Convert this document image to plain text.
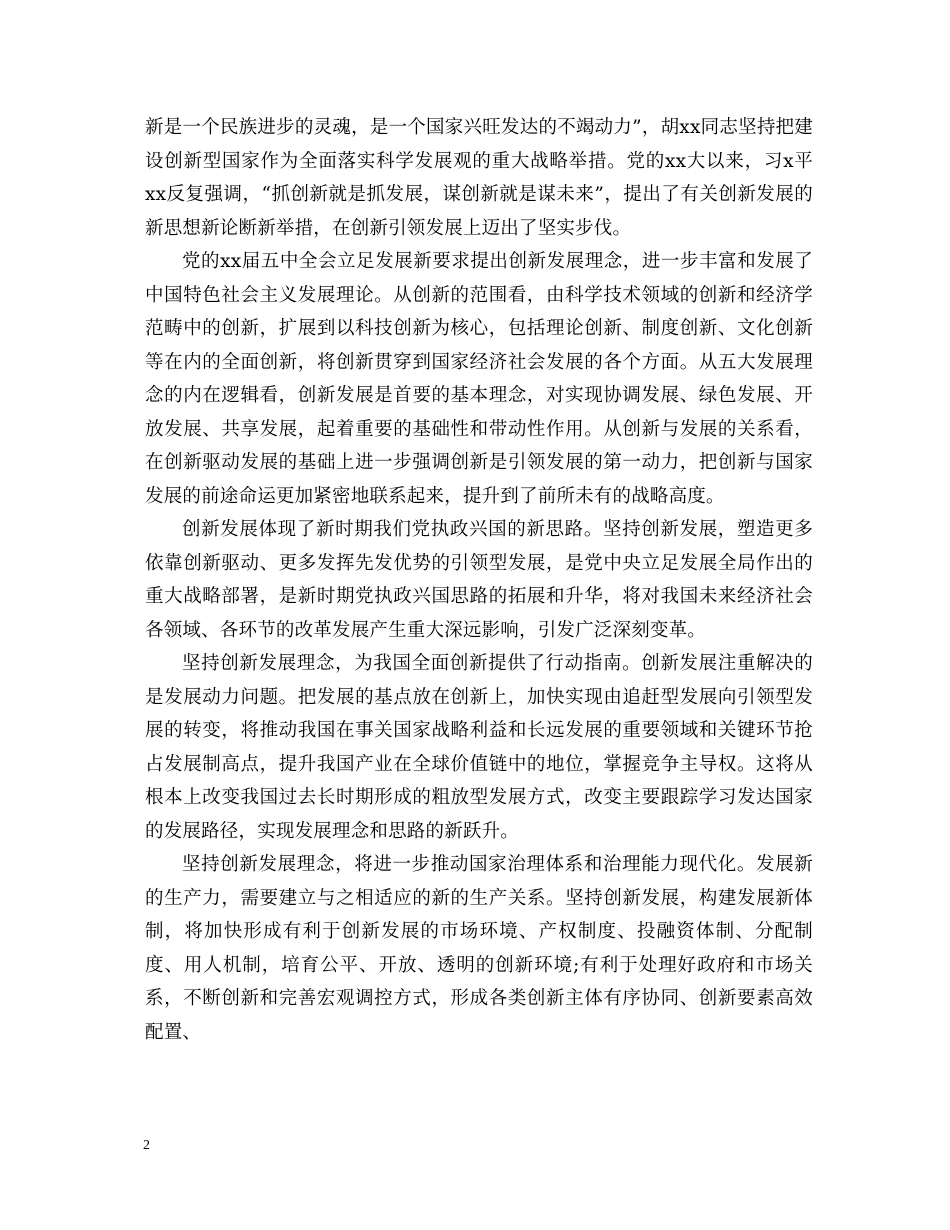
新是一个民族进步的灵魂，是一个国家兴旺发达的不竭动力”，胡xx同志坚持把建设创新型国家作为全面落实科学发展观的重大战略举措。党的xx大以来，习x平xx反复强调，“抓创新就是抓发展，谋创新就是谋未来”，提出了有关创新发展的新思想新论断新举措，在创新引领发展上迈出了坚实步伐。

党的xx届五中全会立足发展新要求提出创新发展理念，进一步丰富和发展了中国特色社会主义发展理论。从创新的范围看，由科学技术领域的创新和经济学范畴中的创新，扩展到以科技创新为核心，包括理论创新、制度创新、文化创新等在内的全面创新，将创新贯穿到国家经济社会发展的各个方面。从五大发展理念的内在逻辑看，创新发展是首要的基本理念，对实现协调发展、绿色发展、开放发展、共享发展，起着重要的基础性和带动性作用。从创新与发展的关系看，在创新驱动发展的基础上进一步强调创新是引领发展的第一动力，把创新与国家发展的前途命运更加紧密地联系起来，提升到了前所未有的战略高度。

创新发展体现了新时期我们党执政兴国的新思路。坚持创新发展，塑造更多依靠创新驱动、更多发挥先发优势的引领型发展，是党中央立足发展全局作出的重大战略部署，是新时期党执政兴国思路的拓展和升华，将对我国未来经济社会各领域、各环节的改革发展产生重大深远影响，引发广泛深刻变革。

坚持创新发展理念，为我国全面创新提供了行动指南。创新发展注重解决的是发展动力问题。把发展的基点放在创新上，加快实现由追赶型发展向引领型发展的转变，将推动我国在事关国家战略利益和长远发展的重要领域和关键环节抢占发展制高点，提升我国产业在全球价值链中的地位，掌握竞争主导权。这将从根本上改变我国过去长时期形成的粗放型发展方式，改变主要跟踪学习发达国家的发展路径，实现发展理念和思路的新跃升。

坚持创新发展理念，将进一步推动国家治理体系和治理能力现代化。发展新的生产力，需要建立与之相适应的新的生产关系。坚持创新发展，构建发展新体制，将加快形成有利于创新发展的市场环境、产权制度、投融资体制、分配制度、用人机制，培育公平、开放、透明的创新环境;有利于处理好政府和市场关系，不断创新和完善宏观调控方式，形成各类创新主体有序协同、创新要素高效配置、

2
